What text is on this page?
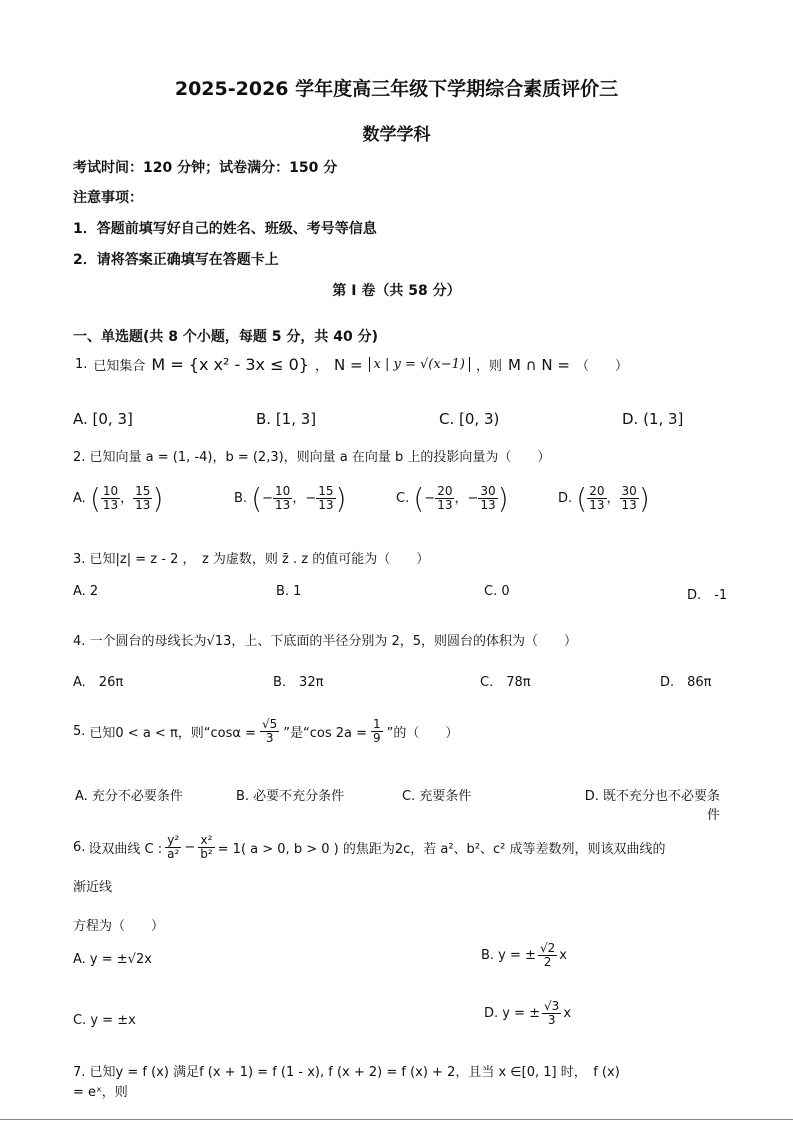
2025-2026 学年度高三年级下学期综合素质评价三
数学学科
考试时间：120 分钟；试卷满分：150 分
注意事项：
1．答题前填写好自己的姓名、班级、考号等信息
2．请将答案正确填写在答题卡上
第 I 卷（共 58 分）
一、单选题(共 8 个小题，每题 5 分，共 40 分)
1. 已知集合 M = {x x² - 3x ≤ 0} ， N = x | y = √(x−1) ，则 M ∩ N = （　　）
A. [0, 3]	B. [1, 3]	C. [0, 3)	D. (1, 3]
2. 已知向量 a = (1, -4)，b = (2,3)，则向量 a 在向量 b 上的投影向量为（　　）
A. ( $\frac{10}{13}$ ， $\frac{15}{13}$ )	B. (− $\frac{10}{13}$ ，− $\frac{15}{13}$ )	C. (− $\frac{20}{13}$ ，− $\frac{30}{13}$ )	D. ( $\frac{20}{13}$ ， $\frac{30}{13}$ )
3. 已知|z| = z - 2 ，　z 为虚数，则 z̄ . z 的值可能为（　　）
A. 2	B. 1	C. 0	D.　-1
4. 一个圆台的母线长为√13，上、下底面的半径分别为 2，5，则圆台的体积为（　　）
A.　26π	B.　32π	C.　78π	D.　86π
5. 已知0 < a < π，则“$\cos\alpha = \frac{√5}{3}$ ”是“cos $2a = \frac{1}{9}$ ”的（　　）
A. 充分不必要条件	B. 必要不充分条件	C. 充要条件	D. 既不充分也不必要条件
6. 设双曲线 C : $\frac{\text{y²}}{\text{a²}} - \frac{\text{x²}}{\text{b²}} = 1$( a > 0, b > 0 ) 的焦距为2c，若 a²、b²、c² 成等差数列，则该双曲线的
渐近线
方程为（　　）
A. y = ±√2x	B. y = ± $\frac{√2}{2}$ x
C. y = ±x	D. y = ± $\frac{√3}{3}$ x
7. 已知y = f (x) 满足f (x + 1) = f (1 - x), f (x + 2) = f (x) + 2，且当 x ∈[0, 1] 时，　f (x)
= eˣ，则
